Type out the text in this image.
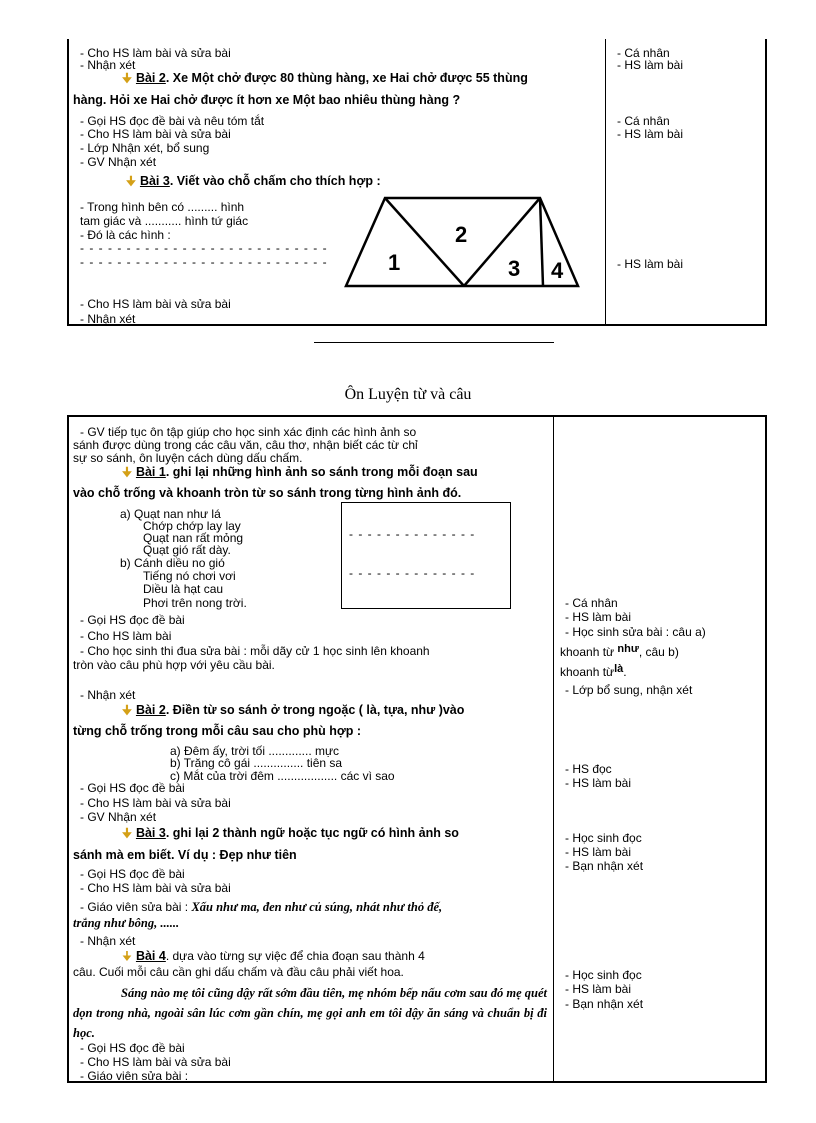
- Cho HS làm bài và sửa bài
- Nhận xét
🠋 Bài 2. Xe Một chở được 80 thùng hàng, xe Hai chở được 55 thùng
hàng. Hỏi xe Hai chở được ít hơn xe Một bao nhiêu thùng hàng ?
- Gọi HS đọc đề bài và nêu tóm tắt
- Cho HS làm bài và sửa bài
- Lớp Nhận xét, bổ sung
- GV Nhận xét
🠋 Bài 3. Viết vào chỗ chấm cho thích hợp :
- Trong hình bên có ......... hình
tam giác và ........... hình tứ giác
- Đó là các hình :
- - - - - - - - - - - - - - - - - - - - - - - - - - -
- - - - - - - - - - - - - - - - - - - - - - - - - - -	1
2
3 4
- Cho HS làm bài và sửa bài
- Nhận xét
- Cá nhân
- HS làm bài
- Cá nhân
- HS làm bài
- HS làm bài
Ôn Luyện từ và câu
- GV tiếp tục ôn tập giúp cho học sinh xác định các hình ảnh so
sánh được dùng trong các câu văn, câu thơ, nhận biết các từ chỉ
sự so sánh, ôn luyện cách dùng dấu chấm.
🠋 Bài 1. ghi lại những hình ảnh so sánh trong mỗi đoạn sau
vào chỗ trống và khoanh tròn từ so sánh trong từng hình ảnh đó.
a) Quạt nan như lá
Chớp chớp lay lay
Quạt nan rất mỏng
Quạt gió rất dày.
b) Cánh diều no gió
Tiếng nó chơi vơi
Diều là hạt cau
Phơi trên nong trời.
- - - - - - - - - - - - - -
- - - - - - - - - - - - - -
- Gọi HS đọc đề bài
- Cho HS làm bài
- Cho học sinh thi đua sửa bài : mỗi dãy cử 1 học sinh lên khoanh
tròn vào câu phù hợp với yêu cầu bài.
- Nhận xét
🠋 Bài 2. Điền từ so sánh ở trong ngoặc ( là, tựa, như )vào
từng chỗ trống trong mỗi câu sau cho phù hợp :
a) Đêm ấy, trời tối ............. mực
b) Trăng cô gái ............... tiên sa
c) Mắt của trời đêm .................. các vì sao
- Gọi HS đọc đề bài
- Cho HS làm bài và sửa bài
- GV Nhận xét
🠋 Bài 3. ghi lại 2 thành ngữ hoặc tục ngữ có hình ảnh so
sánh mà em biết. Ví dụ : Đẹp như tiên
- Gọi HS đọc đề bài
- Cho HS làm bài và sửa bài
- Giáo viên sửa bài : Xấu như ma, đen như củ súng, nhát như thỏ đế,
trắng như bông, ......
- Nhận xét
🠋 Bài 4. dựa vào từng sự việc để chia đoạn sau thành 4
câu. Cuối mỗi câu cần ghi dấu chấm và đầu câu phải viết hoa.
Sáng nào mẹ tôi cũng dậy rất sớm đầu tiên, mẹ nhóm bếp nấu cơm sau đó mẹ quét dọn trong nhà, ngoài sân lúc cơm gần chín, mẹ gọi anh em tôi dậy ăn sáng và chuẩn bị đi học.
- Gọi HS đọc đề bài
- Cho HS làm bài và sửa bài
- Giáo viên sửa bài :
- Cá nhân
- HS làm bài
- Học sinh sửa bài : câu a)
khoanh từ như, câu b)
khoanh từlà.
- Lớp bổ sung, nhận xét
- HS đọc
- HS làm bài
- Học sinh đọc
- HS làm bài
- Bạn nhận xét
- Học sinh đọc
- HS làm bài
- Bạn nhận xét
